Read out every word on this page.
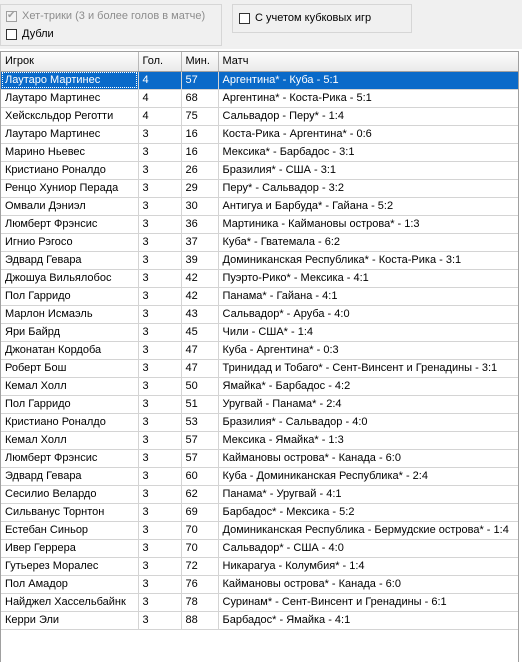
✔ Хет-трики (3 и более голов в матче)
Дубли
С учетом кубковых игр
Игрок	Гол.	Мин.	Матч
Лаутаро Мартинес	4	57	Аргентина* - Куба - 5:1
Лаутаро Мартинес	4	68	Аргентина* - Коста-Рика - 5:1
Хейсксльдор Реготти	4	75	Сальвадор - Перу* - 1:4
Лаутаро Мартинес	3	16	Коста-Рика - Аргентина* - 0:6
Марино Ньевес	3	16	Мексика* - Барбадос - 3:1
Кристиано Роналдо	3	26	Бразилия* - США - 3:1
Ренцо Хуниор Перада	3	29	Перу* - Сальвадор - 3:2
Омвали Дэниэл	3	30	Антигуа и Барбуда* - Гайана - 5:2
Люмберт Фрэнсис	3	36	Мартиника - Каймановы острова* - 1:3
Игнио Рэгосо	3	37	Куба* - Гватемала - 6:2
Эдвард Гевара	3	39	Доминиканская Республика* - Коста-Рика - 3:1
Джошуа Вильялобос	3	42	Пуэрто-Рико* - Мексика - 4:1
Пол Гарридо	3	42	Панама* - Гайана - 4:1
Марлон Исмаэль	3	43	Сальвадор* - Аруба - 4:0
Яри Байрд	3	45	Чили - США* - 1:4
Джонатан Кордоба	3	47	Куба - Аргентина* - 0:3
Роберт Бош	3	47	Тринидад и Тобаго* - Сент-Винсент и Гренадины - 3:1
Кемал Холл	3	50	Ямайка* - Барбадос - 4:2
Пол Гарридо	3	51	Уругвай - Панама* - 2:4
Кристиано Роналдо	3	53	Бразилия* - Сальвадор - 4:0
Кемал Холл	3	57	Мексика - Ямайка* - 1:3
Люмберт Фрэнсис	3	57	Каймановы острова* - Канада - 6:0
Эдвард Гевара	3	60	Куба - Доминиканская Республика* - 2:4
Сесилио Велардо	3	62	Панама* - Уругвай - 4:1
Сильванус Торнтон	3	69	Барбадос* - Мексика - 5:2
Естебан Синьор	3	70	Доминиканская Республика - Бермудские острова* - 1:4
Ивер Геррера	3	70	Сальвадор* - США - 4:0
Гутьерез Моралес	3	72	Никарагуа - Колумбия* - 1:4
Пол Амадор	3	76	Каймановы острова* - Канада - 6:0
Найджел Хассельбайнк	3	78	Суринам* - Сент-Винсент и Гренадины - 6:1
Керри Эли	3	88	Барбадос* - Ямайка - 4:1
